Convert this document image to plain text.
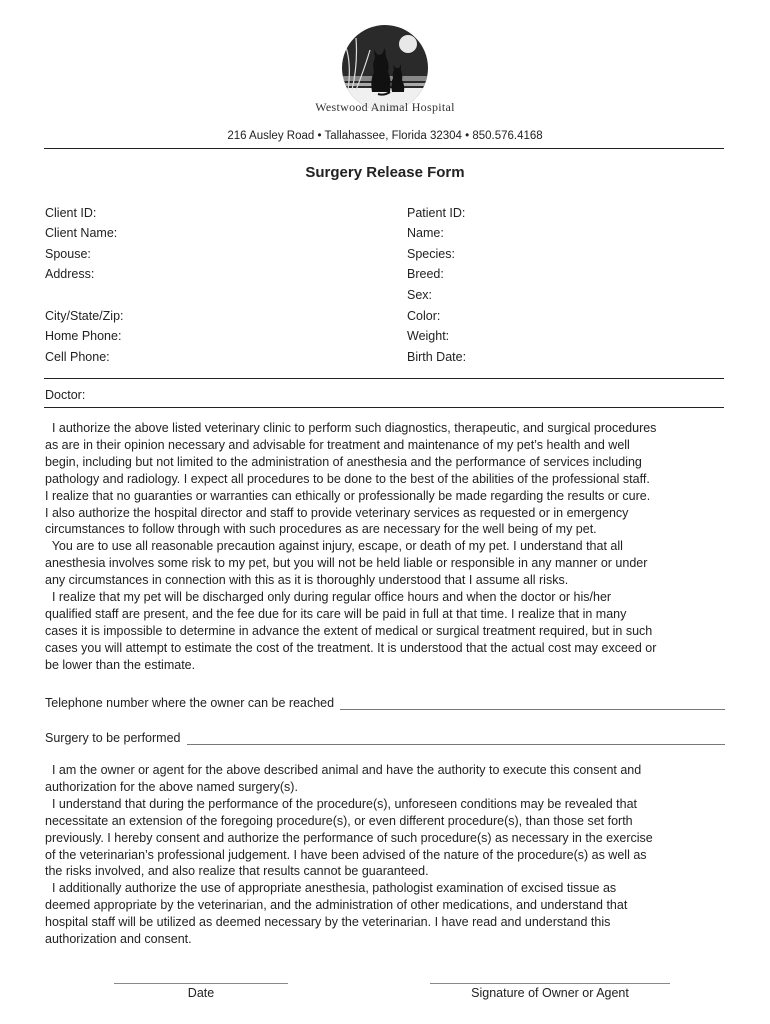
Westwood Animal Hospital
216 Ausley Road • Tallahassee, Florida 32304 • 850.576.4168
Surgery Release Form
Client ID:
Client Name:
Spouse:
Address:
City/State/Zip:
Home Phone:
Cell Phone:
Patient ID:
Name:
Species:
Breed:
Sex:
Color:
Weight:
Birth Date:
Doctor:
I authorize the above listed veterinary clinic to perform such diagnostics, therapeutic, and surgical procedures
as are in their opinion necessary and advisable for treatment and maintenance of my pet’s health and well
begin, including but not limited to the administration of anesthesia and the performance of services including
pathology and radiology. I expect all procedures to be done to the best of the abilities of the professional staff.
I realize that no guaranties or warranties can ethically or professionally be made regarding the results or cure.
I also authorize the hospital director and staff to provide veterinary services as requested or in emergency
circumstances to follow through with such procedures as are necessary for the well being of my pet.
You are to use all reasonable precaution against injury, escape, or death of my pet. I understand that all
anesthesia involves some risk to my pet, but you will not be held liable or responsible in any manner or under
any circumstances in connection with this as it is thoroughly understood that I assume all risks.
I realize that my pet will be discharged only during regular office hours and when the doctor or his/her
qualified staff are present, and the fee due for its care will be paid in full at that time. I realize that in many
cases it is impossible to determine in advance the extent of medical or surgical treatment required, but in such
cases you will attempt to estimate the cost of the treatment. It is understood that the actual cost may exceed or
be lower than the estimate.
Telephone number where the owner can be reached
Surgery to be performed
I am the owner or agent for the above described animal and have the authority to execute this consent and
authorization for the above named surgery(s).
I understand that during the performance of the procedure(s), unforeseen conditions may be revealed that
necessitate an extension of the foregoing procedure(s), or even different procedure(s), than those set forth
previously. I hereby consent and authorize the performance of such procedure(s) as necessary in the exercise
of the veterinarian’s professional judgement. I have been advised of the nature of the procedure(s) as well as
the risks involved, and also realize that results cannot be guaranteed.
I additionally authorize the use of appropriate anesthesia, pathologist examination of excised tissue as
deemed appropriate by the veterinarian, and the administration of other medications, and understand that
hospital staff will be utilized as deemed necessary by the veterinarian. I have read and understand this
authorization and consent.
Date	Signature of Owner or Agent
